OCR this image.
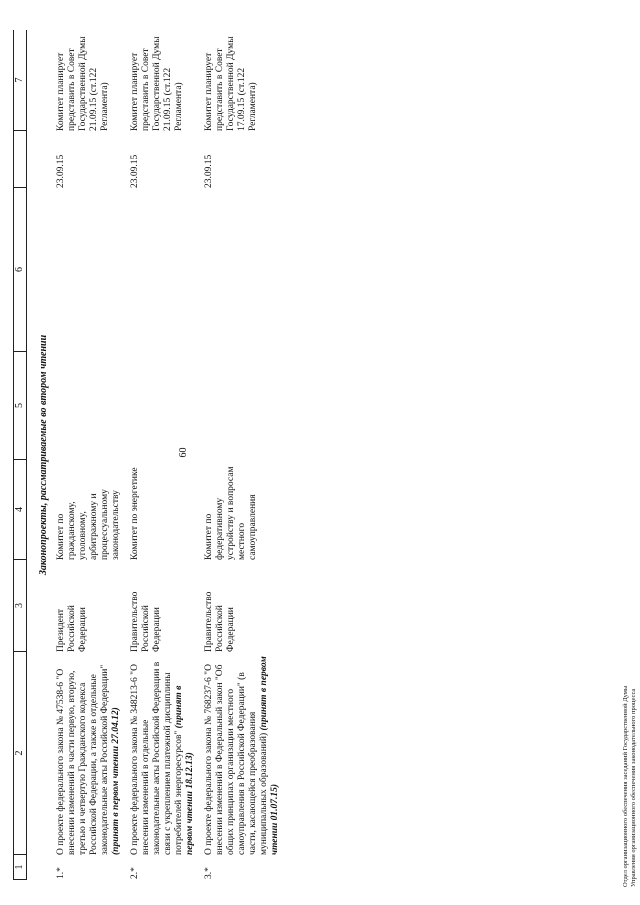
60
1
2
3
4
5
6
7
Законопроекты, рассматриваемые во втором чтении
1.*
О проекте федерального закона № 47538-6 "О внесении изменений в части первую, вторую, третью и четвертую Гражданского кодекса Российской Федерации, а также в отдельные законодательные акты Российской Федерации" (принят в первом чтении 27.04.12)
Президент Российской Федерации
Комитет по гражданскому, уголовному, арбитражному и процессуальному законодательству
23.09.15
Комитет планирует представить в Совет Государственной Думы 21.09.15 (ст.122 Регламента)
2.*
О проекте федерального закона № 348213-6 "О внесении изменений в отдельные законодательные акты Российской Федерации в связи с укреплением платежной дисциплины потребителей энергоресурсов" (принят в первом чтении 18.12.13)
Правительство Российской Федерации
Комитет по энергетике
23.09.15
Комитет планирует представить в Совет Государственной Думы 21.09.15 (ст.122 Регламента)
3.*
О проекте федерального закона № 768237-6 "О внесении изменений в Федеральный закон "Об общих принципах организации местного самоуправления в Российской Федерации" (в части, касающейся преобразования муниципальных образований) (принят в первом чтении 01.07.15)
Правительство Российской Федерации
Комитет по федеративному устройству и вопросам местного самоуправления
23.09.15
Комитет планирует представить в Совет Государственной Думы 17.09.15 (ст.122 Регламента)
Отдел организационного обеспечения заседаний Государственной Думы Управления организационного обеспечения законодательного процесса
